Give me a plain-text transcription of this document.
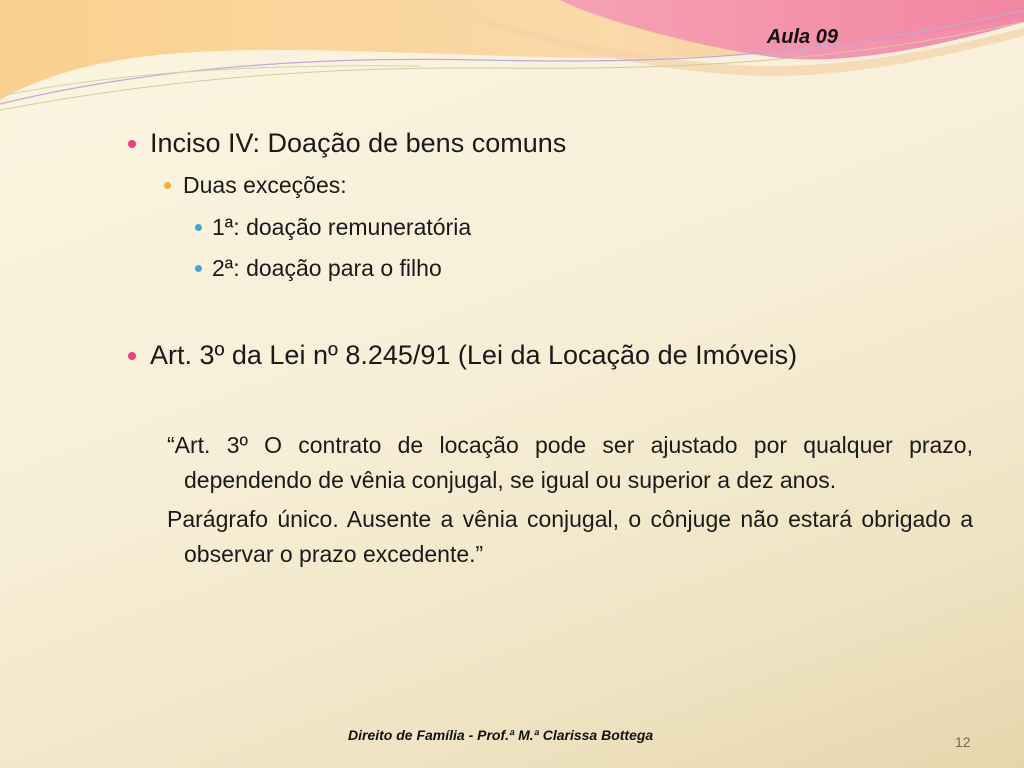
Aula 09
Inciso IV: Doação de bens comuns
Duas exceções:
1ª: doação remuneratória
2ª: doação para o filho
Art. 3º da Lei nº 8.245/91 (Lei da Locação de Imóveis)

“Art. 3º O contrato de locação pode ser ajustado por qualquer prazo, dependendo de vênia conjugal, se igual ou superior a dez anos.

Parágrafo único. Ausente a vênia conjugal, o cônjuge não estará obrigado a observar o prazo excedente.”

Direito de Família - Prof.ª M.ª Clarissa Bottega	12
